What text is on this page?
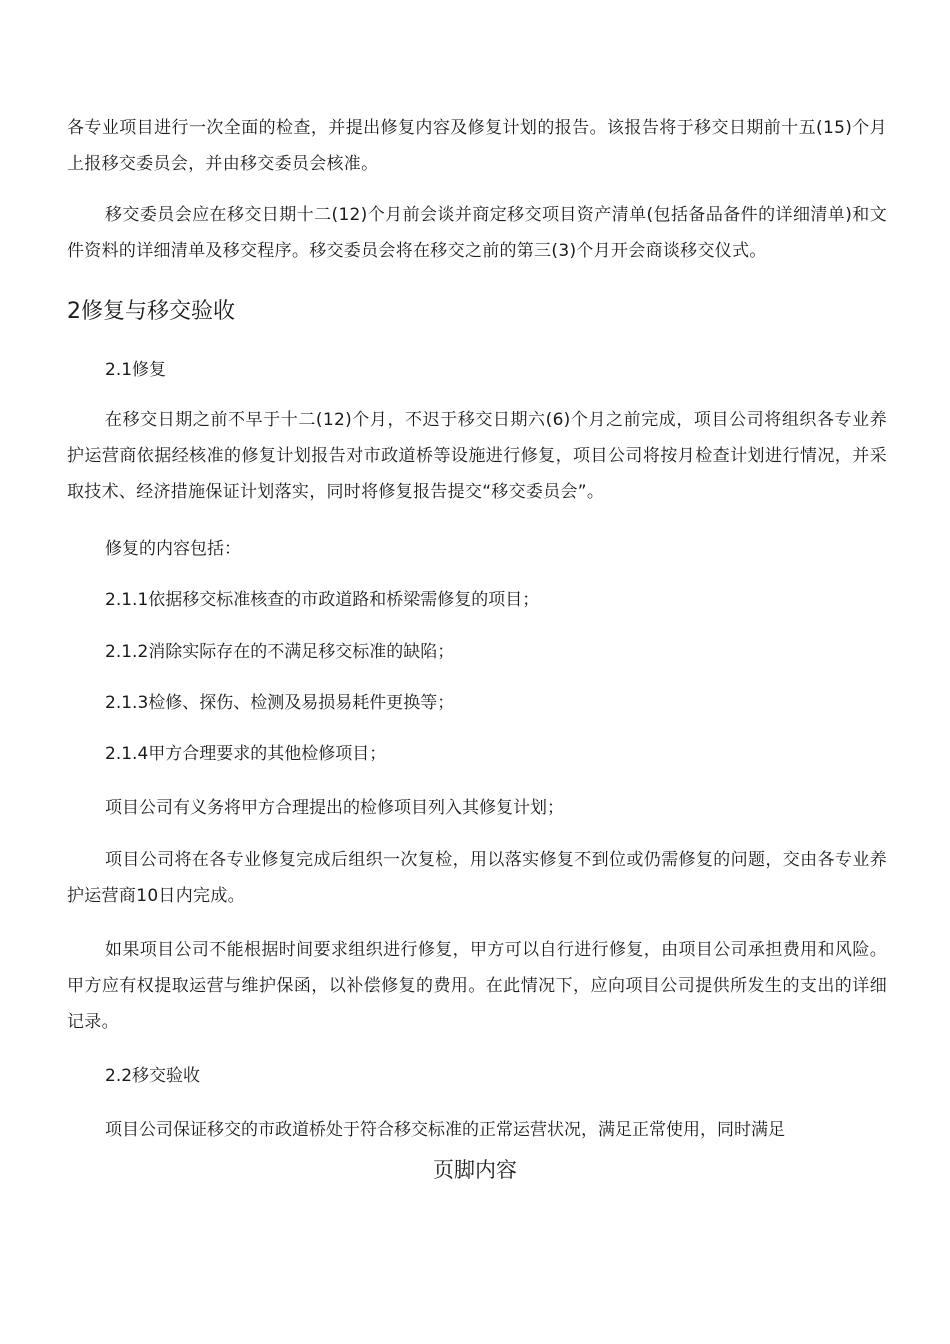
各专业项目进行一次全面的检查，并提出修复内容及修复计划的报告。该报告将于移交日期前十五(15)个月上报移交委员会，并由移交委员会核准。

移交委员会应在移交日期十二(12)个月前会谈并商定移交项目资产清单(包括备品备件的详细清单)和文件资料的详细清单及移交程序。移交委员会将在移交之前的第三(3)个月开会商谈移交仪式。

2修复与移交验收

2.1修复

在移交日期之前不早于十二(12)个月，不迟于移交日期六(6)个月之前完成，项目公司将组织各专业养护运营商依据经核准的修复计划报告对市政道桥等设施进行修复，项目公司将按月检查计划进行情况，并采取技术、经济措施保证计划落实，同时将修复报告提交“移交委员会”。

修复的内容包括：

2.1.1依据移交标准核查的市政道路和桥梁需修复的项目；

2.1.2消除实际存在的不满足移交标准的缺陷；

2.1.3检修、探伤、检测及易损易耗件更换等；

2.1.4甲方合理要求的其他检修项目；

项目公司有义务将甲方合理提出的检修项目列入其修复计划；

项目公司将在各专业修复完成后组织一次复检，用以落实修复不到位或仍需修复的问题，交由各专业养护运营商10日内完成。

如果项目公司不能根据时间要求组织进行修复，甲方可以自行进行修复，由项目公司承担费用和风险。甲方应有权提取运营与维护保函，以补偿修复的费用。在此情况下，应向项目公司提供所发生的支出的详细记录。

2.2移交验收

项目公司保证移交的市政道桥处于符合移交标准的正常运营状况，满足正常使用，同时满足

页脚内容
